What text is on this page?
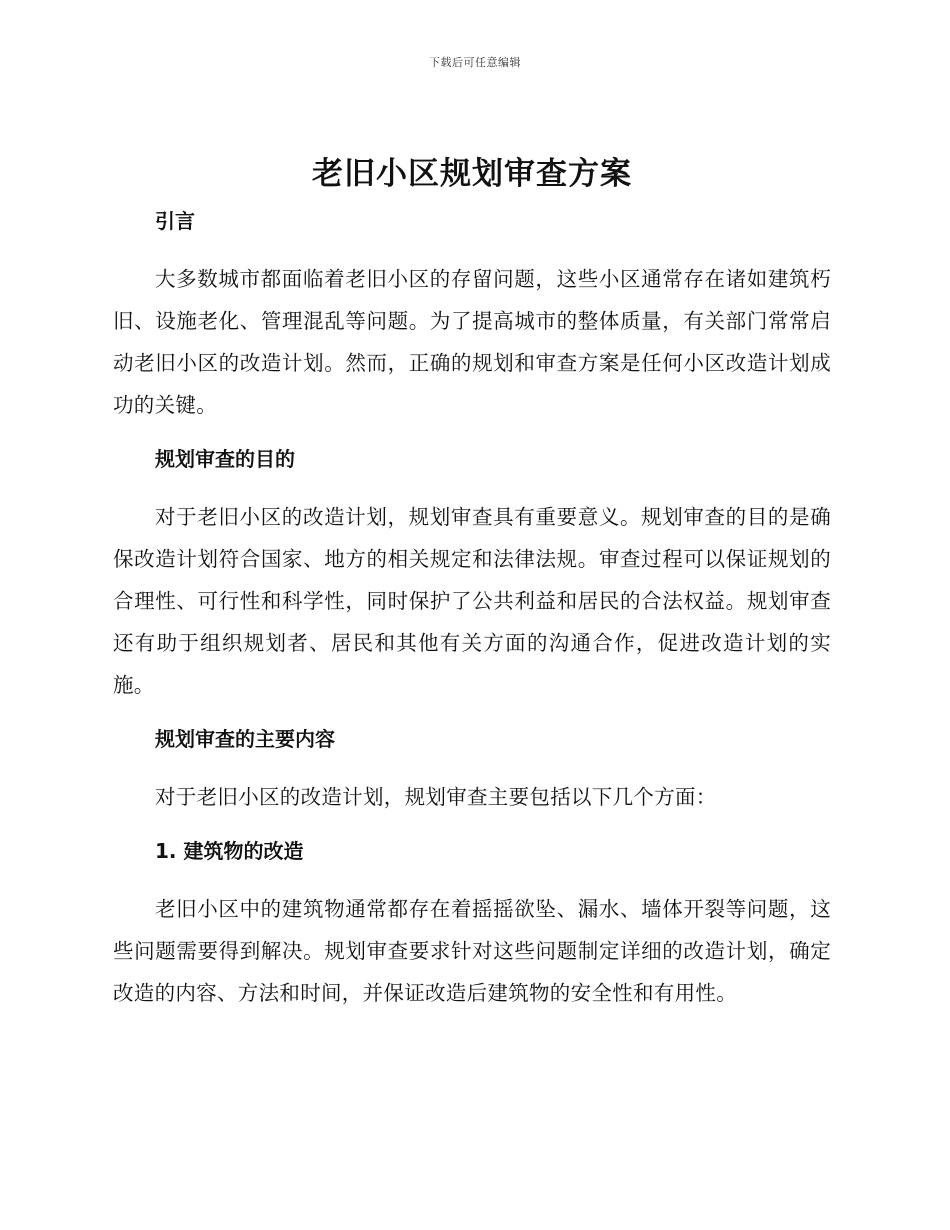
下载后可任意编辑
老旧小区规划审查方案
引言

大多数城市都面临着老旧小区的存留问题，这些小区通常存在诸如建筑朽旧、设施老化、管理混乱等问题。为了提高城市的整体质量，有关部门常常启动老旧小区的改造计划。然而，正确的规划和审查方案是任何小区改造计划成功的关键。

规划审查的目的

对于老旧小区的改造计划，规划审查具有重要意义。规划审查的目的是确保改造计划符合国家、地方的相关规定和法律法规。审查过程可以保证规划的合理性、可行性和科学性，同时保护了公共利益和居民的合法权益。规划审查还有助于组织规划者、居民和其他有关方面的沟通合作，促进改造计划的实施。

规划审查的主要内容

对于老旧小区的改造计划，规划审查主要包括以下几个方面：

1. 建筑物的改造

老旧小区中的建筑物通常都存在着摇摇欲坠、漏水、墙体开裂等问题，这些问题需要得到解决。规划审查要求针对这些问题制定详细的改造计划，确定改造的内容、方法和时间，并保证改造后建筑物的安全性和有用性。
